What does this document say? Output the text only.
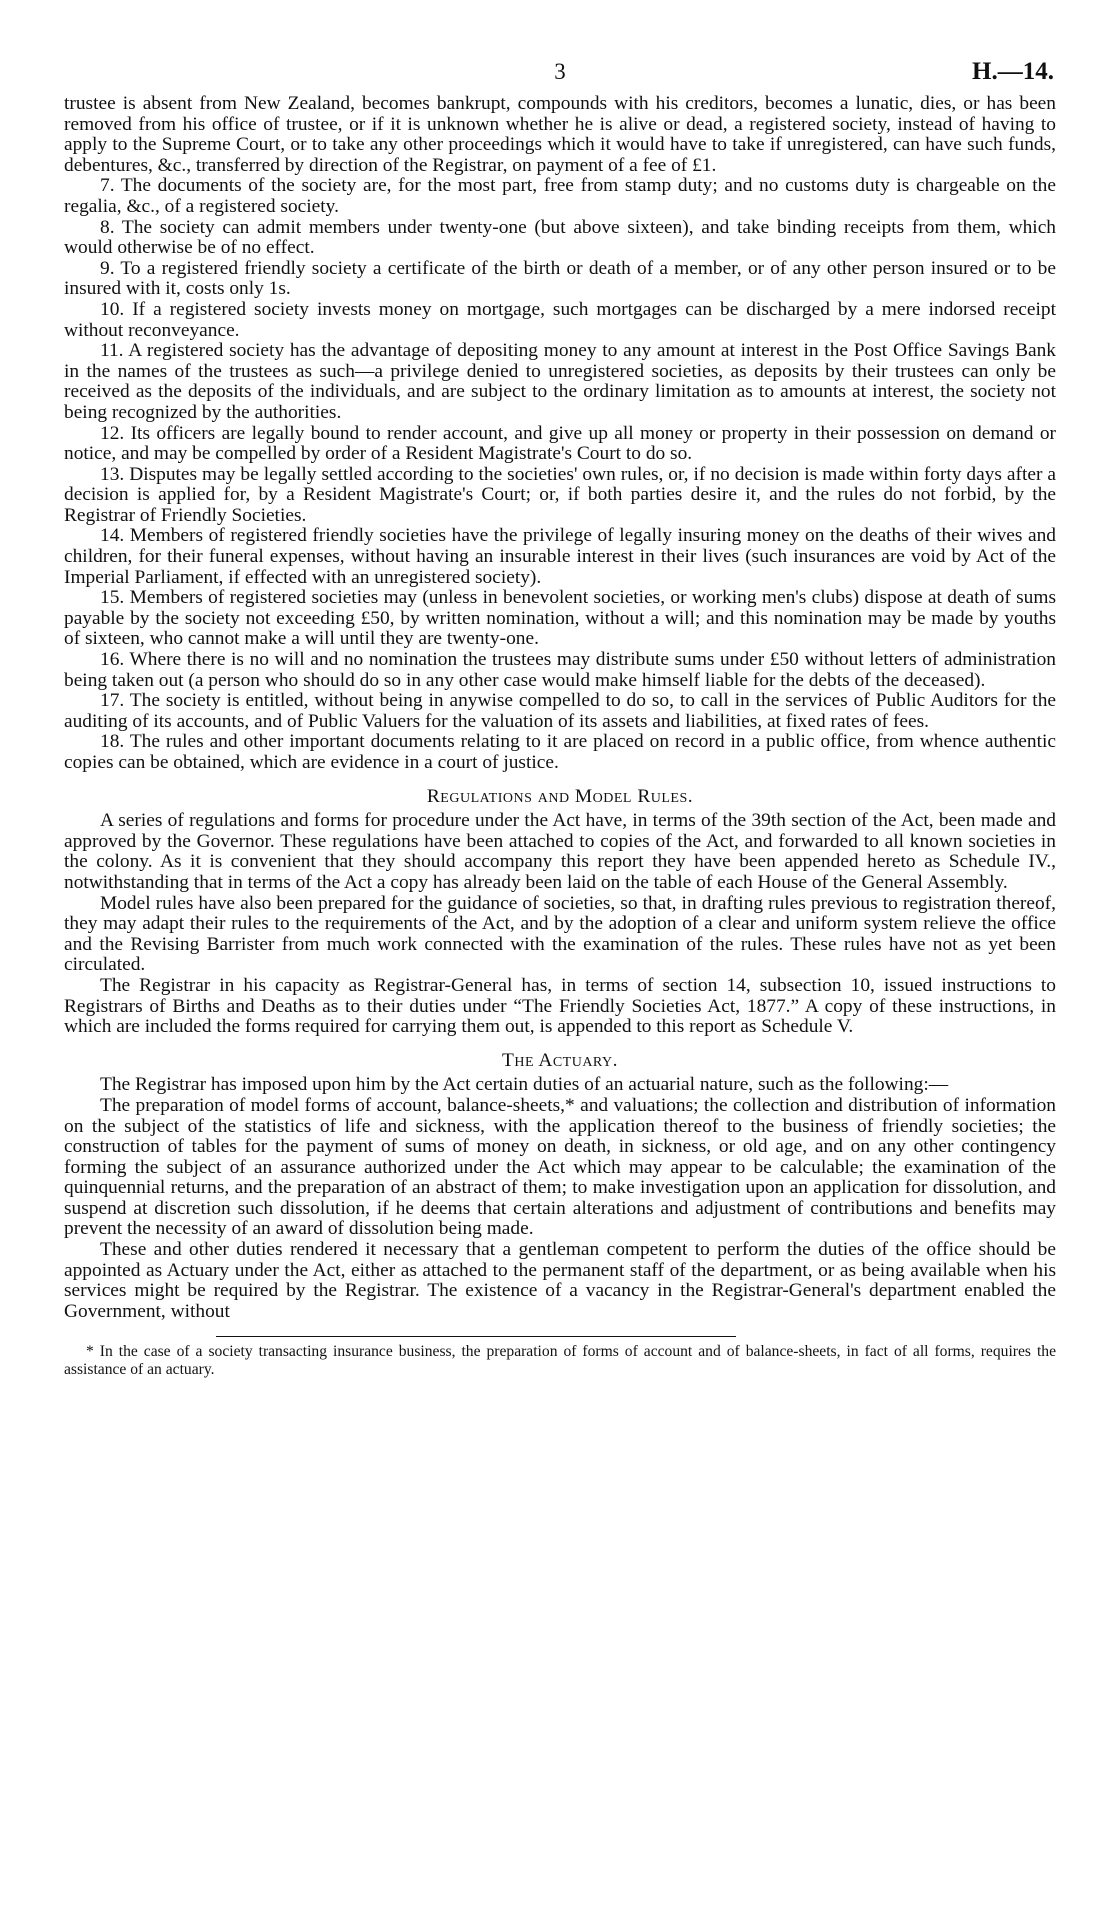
3	H.—14.

trustee is absent from New Zealand, becomes bankrupt, compounds with his creditors, becomes a lunatic, dies, or has been removed from his office of trustee, or if it is unknown whether he is alive or dead, a registered society, instead of having to apply to the Supreme Court, or to take any other proceedings which it would have to take if unregistered, can have such funds, debentures, &c., transferred by direction of the Registrar, on payment of a fee of £1.

7. The documents of the society are, for the most part, free from stamp duty; and no customs duty is chargeable on the regalia, &c., of a registered society.

8. The society can admit members under twenty-one (but above sixteen), and take binding receipts from them, which would otherwise be of no effect.

9. To a registered friendly society a certificate of the birth or death of a member, or of any other person insured or to be insured with it, costs only 1s.

10. If a registered society invests money on mortgage, such mortgages can be discharged by a mere indorsed receipt without reconveyance.

11. A registered society has the advantage of depositing money to any amount at interest in the Post Office Savings Bank in the names of the trustees as such—a privilege denied to unregistered societies, as deposits by their trustees can only be received as the deposits of the individuals, and are subject to the ordinary limitation as to amounts at interest, the society not being recognized by the authorities.

12. Its officers are legally bound to render account, and give up all money or property in their possession on demand or notice, and may be compelled by order of a Resident Magistrate's Court to do so.

13. Disputes may be legally settled according to the societies' own rules, or, if no decision is made within forty days after a decision is applied for, by a Resident Magistrate's Court; or, if both parties desire it, and the rules do not forbid, by the Registrar of Friendly Societies.

14. Members of registered friendly societies have the privilege of legally insuring money on the deaths of their wives and children, for their funeral expenses, without having an insurable interest in their lives (such insurances are void by Act of the Imperial Parliament, if effected with an unregistered society).

15. Members of registered societies may (unless in benevolent societies, or working men's clubs) dispose at death of sums payable by the society not exceeding £50, by written nomination, without a will; and this nomination may be made by youths of sixteen, who cannot make a will until they are twenty-one.

16. Where there is no will and no nomination the trustees may distribute sums under £50 without letters of administration being taken out (a person who should do so in any other case would make himself liable for the debts of the deceased).

17. The society is entitled, without being in anywise compelled to do so, to call in the services of Public Auditors for the auditing of its accounts, and of Public Valuers for the valuation of its assets and liabilities, at fixed rates of fees.

18. The rules and other important documents relating to it are placed on record in a public office, from whence authentic copies can be obtained, which are evidence in a court of justice.

Regulations and Model Rules.

A series of regulations and forms for procedure under the Act have, in terms of the 39th section of the Act, been made and approved by the Governor. These regulations have been attached to copies of the Act, and forwarded to all known societies in the colony. As it is convenient that they should accompany this report they have been appended hereto as Schedule IV., notwithstanding that in terms of the Act a copy has already been laid on the table of each House of the General Assembly.

Model rules have also been prepared for the guidance of societies, so that, in drafting rules previous to registration thereof, they may adapt their rules to the requirements of the Act, and by the adoption of a clear and uniform system relieve the office and the Revising Barrister from much work connected with the examination of the rules. These rules have not as yet been circulated.

The Registrar in his capacity as Registrar-General has, in terms of section 14, subsection 10, issued instructions to Registrars of Births and Deaths as to their duties under “The Friendly Societies Act, 1877.” A copy of these instructions, in which are included the forms required for carrying them out, is appended to this report as Schedule V.

The Actuary.

The Registrar has imposed upon him by the Act certain duties of an actuarial nature, such as the following:—

The preparation of model forms of account, balance-sheets,* and valuations; the collection and distribution of information on the subject of the statistics of life and sickness, with the application thereof to the business of friendly societies; the construction of tables for the payment of sums of money on death, in sickness, or old age, and on any other contingency forming the subject of an assurance authorized under the Act which may appear to be calculable; the examination of the quinquennial returns, and the preparation of an abstract of them; to make investigation upon an application for dissolution, and suspend at discretion such dissolution, if he deems that certain alterations and adjustment of contributions and benefits may prevent the necessity of an award of dissolution being made.

These and other duties rendered it necessary that a gentleman competent to perform the duties of the office should be appointed as Actuary under the Act, either as attached to the permanent staff of the department, or as being available when his services might be required by the Registrar. The existence of a vacancy in the Registrar-General's department enabled the Government, without

* In the case of a society transacting insurance business, the preparation of forms of account and of balance-sheets, in fact of all forms, requires the assistance of an actuary.
